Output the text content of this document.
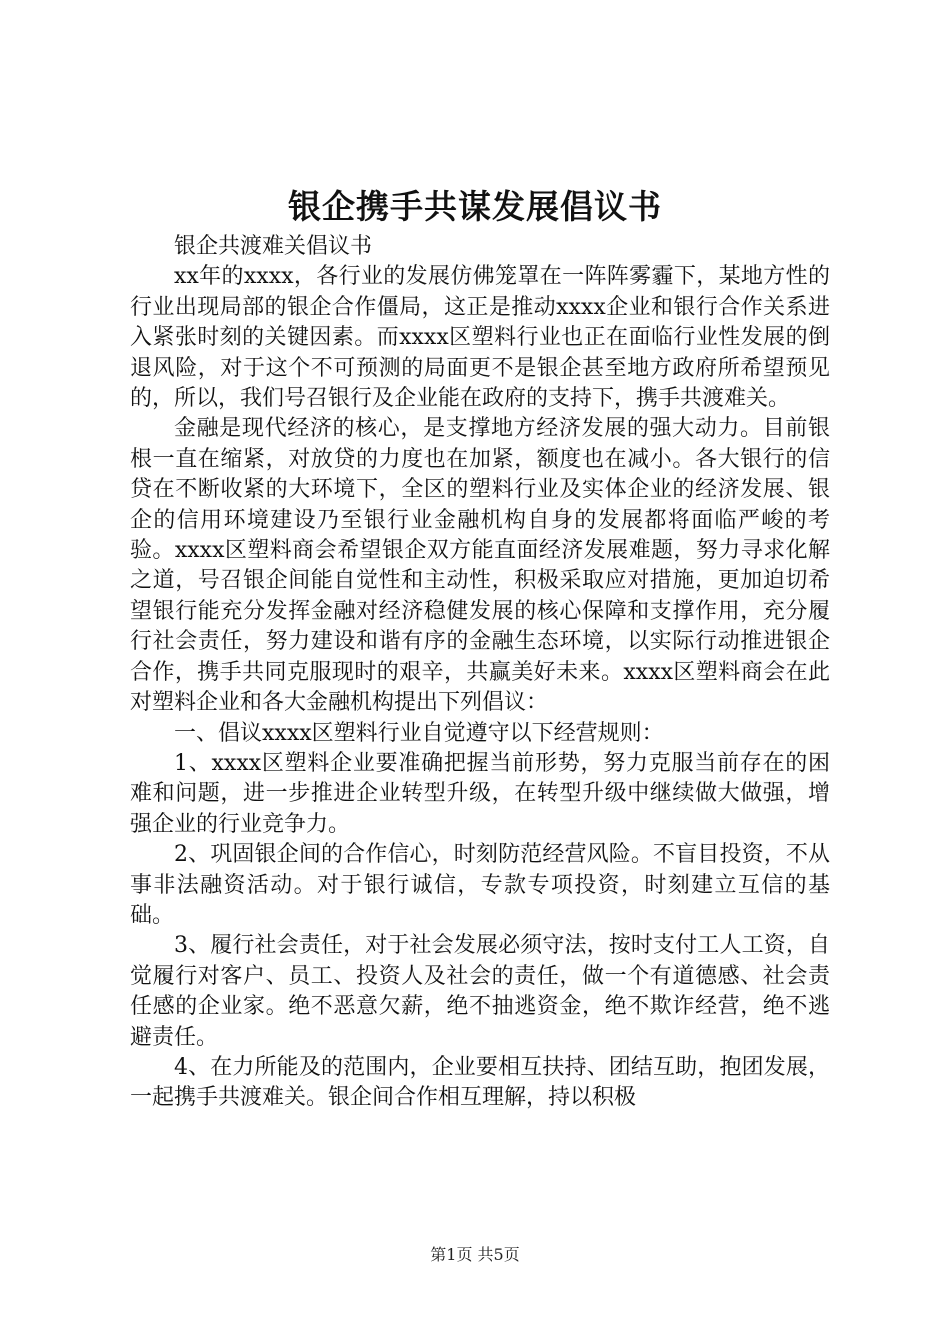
银企携手共谋发展倡议书

银企共渡难关倡议书

xx年的xxxx，各行业的发展仿佛笼罩在一阵阵雾霾下，某地方性的行业出现局部的银企合作僵局，这正是推动xxxx企业和银行合作关系进入紧张时刻的关键因素。而xxxx区塑料行业也正在面临行业性发展的倒退风险，对于这个不可预测的局面更不是银企甚至地方政府所希望预见的，所以，我们号召银行及企业能在政府的支持下，携手共渡难关。

金融是现代经济的核心，是支撑地方经济发展的强大动力。目前银根一直在缩紧，对放贷的力度也在加紧，额度也在减小。各大银行的信贷在不断收紧的大环境下，全区的塑料行业及实体企业的经济发展、银企的信用环境建设乃至银行业金融机构自身的发展都将面临严峻的考验。xxxx区塑料商会希望银企双方能直面经济发展难题，努力寻求化解之道，号召银企间能自觉性和主动性，积极采取应对措施，更加迫切希望银行能充分发挥金融对经济稳健发展的核心保障和支撑作用，充分履行社会责任，努力建设和谐有序的金融生态环境，以实际行动推进银企合作，携手共同克服现时的艰辛，共赢美好未来。xxxx区塑料商会在此对塑料企业和各大金融机构提出下列倡议：

一、倡议xxxx区塑料行业自觉遵守以下经营规则：

1、xxxx区塑料企业要准确把握当前形势，努力克服当前存在的困难和问题，进一步推进企业转型升级，在转型升级中继续做大做强，增强企业的行业竞争力。

2、巩固银企间的合作信心，时刻防范经营风险。不盲目投资，不从事非法融资活动。对于银行诚信，专款专项投资，时刻建立互信的基础。

3、履行社会责任，对于社会发展必须守法，按时支付工人工资，自觉履行对客户、员工、投资人及社会的责任，做一个有道德感、社会责任感的企业家。绝不恶意欠薪，绝不抽逃资金，绝不欺诈经营，绝不逃避责任。

4、在力所能及的范围内，企业要相互扶持、团结互助，抱团发展，一起携手共渡难关。银企间合作相互理解，持以积极

第1页 共5页
